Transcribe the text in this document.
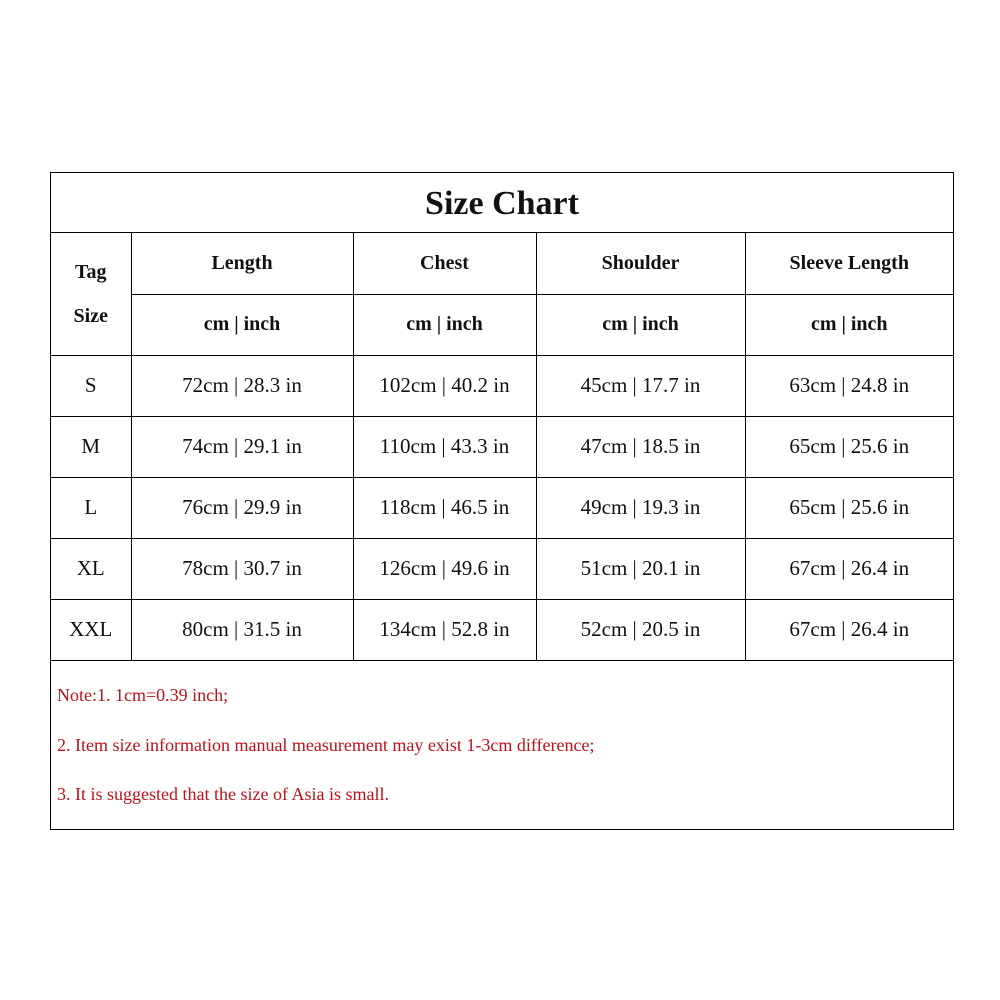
Size Chart
Tag
Size	Length	Chest	Shoulder	Sleeve Length
	cm | inch	cm | inch	cm | inch	cm | inch
S	72cm | 28.3 in	102cm | 40.2 in	45cm | 17.7 in	63cm | 24.8 in
M	74cm | 29.1 in	110cm | 43.3 in	47cm | 18.5 in	65cm | 25.6 in
L	76cm | 29.9 in	118cm | 46.5 in	49cm | 19.3 in	65cm | 25.6 in
XL	78cm | 30.7 in	126cm | 49.6 in	51cm | 20.1 in	67cm | 26.4 in
XXL	80cm | 31.5 in	134cm | 52.8 in	52cm | 20.5 in	67cm | 26.4 in
Note:1. 1cm=0.39 inch;
2. Item size information manual measurement may exist 1-3cm difference;
3. It is suggested that the size of Asia is small.
